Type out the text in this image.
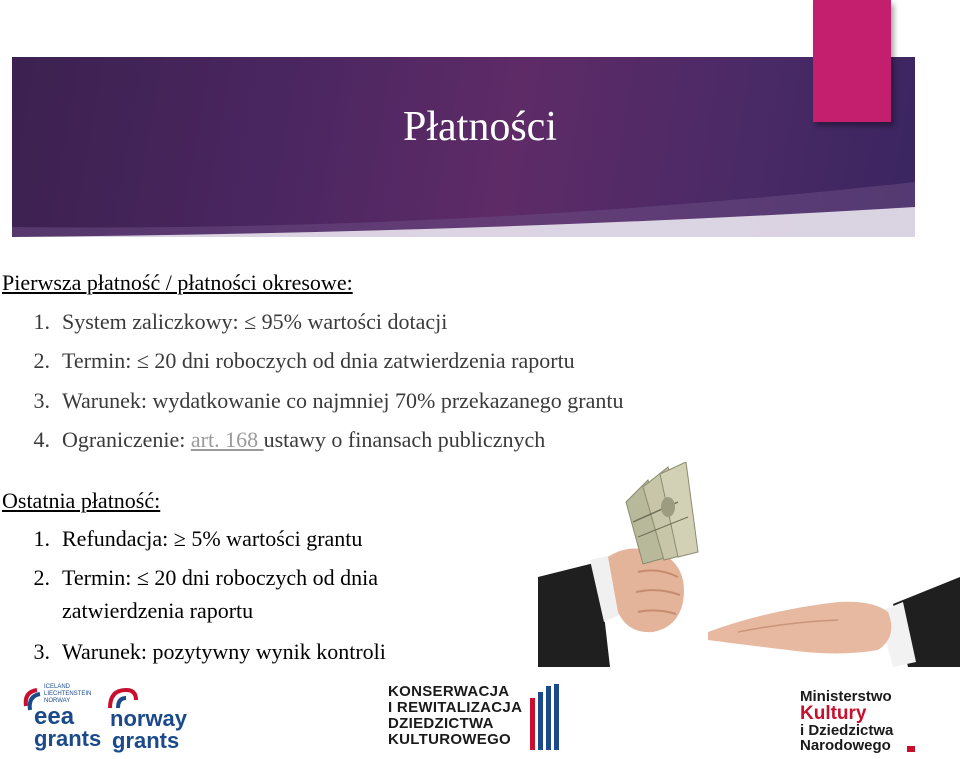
Płatności
Pierwsza płatność / płatności okresowe:
1. System zaliczkowy: ≤ 95% wartości dotacji
2. Termin: ≤ 20 dni roboczych od dnia zatwierdzenia raportu
3. Warunek: wydatkowanie co najmniej 70% przekazanego grantu
4. Ograniczenie: art. 168 ustawy o finansach publicznych
Ostatnia płatność:
1. Refundacja: ≥ 5% wartości grantu
2. Termin: ≤ 20 dni roboczych od dnia
zatwierdzenia raportu
3. Warunek: pozytywny wynik kontroli
ICELAND
LIECHTENSTEIN
NORWAY
eea
grants
norway
grants
KONSERWACJA
I REWITALIZACJA
DZIEDZICTWA
KULTUROWEGO
Ministerstwo
Kultury
i Dziedzictwa
Narodowego
